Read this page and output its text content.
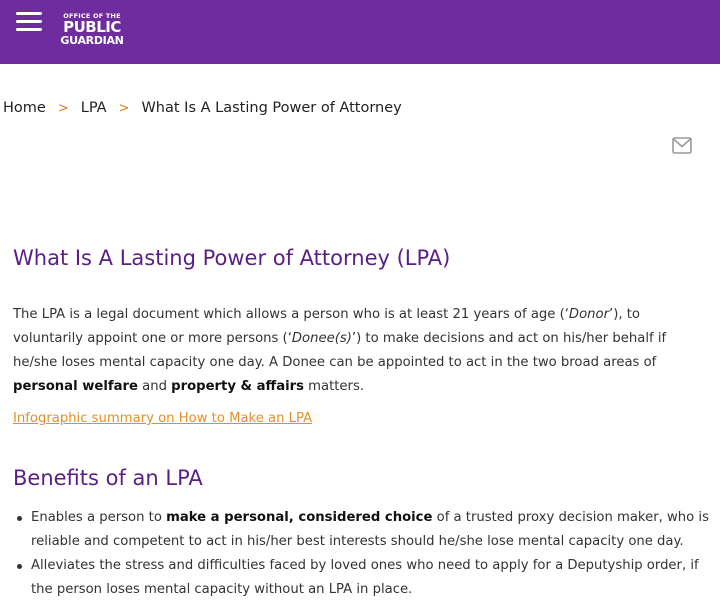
OFFICE OF THE
PUBLIC
GUARDIAN
Home > LPA > What Is A Lasting Power of Attorney
What Is A Lasting Power of Attorney (LPA)

The LPA is a legal document which allows a person who is at least 21 years of age (‘Donor’), to voluntarily appoint one or more persons (‘Donee(s)’) to make decisions and act on his/her behalf if he/she loses mental capacity one day. A Donee can be appointed to act in the two broad areas of personal welfare and property & affairs matters.

Infographic summary on How to Make an LPA
Benefits of an LPA
Enables a person to make a personal, considered choice of a trusted proxy decision maker, who is reliable and competent to act in his/her best interests should he/she lose mental capacity one day.
Alleviates the stress and difficulties faced by loved ones who need to apply for a Deputyship order, if the person loses mental capacity without an LPA in place.
